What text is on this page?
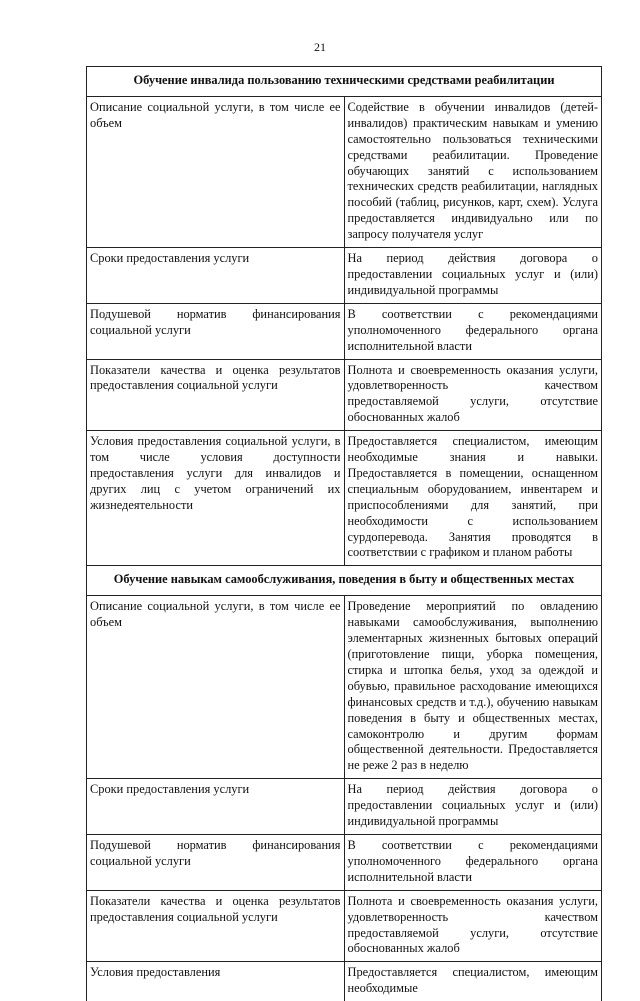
21
Обучение инвалида пользованию техническими средствами реабилитации	
Описание социальной услуги, в том числе ее объем	Содействие в обучении инвалидов (детей-инвалидов) практическим навыкам и умению самостоятельно пользоваться техническими средствами реабилитации. Проведение обучающих занятий с использованием технических средств реабилитации, наглядных пособий (таблиц, рисунков, карт, схем). Услуга предоставляется индивидуально или по запросу получателя услуг
Сроки предоставления услуги	На период действия договора о предоставлении социальных услуг и (или) индивидуальной программы
Подушевой норматив финансирования социальной услуги	В соответствии с рекомендациями уполномоченного федерального органа исполнительной власти
Показатели качества и оценка результатов предоставления социальной услуги	Полнота и своевременность оказания услуги, удовлетворенность качеством предоставляемой услуги, отсутствие обоснованных жалоб
Условия предоставления социальной услуги, в том числе условия доступности предоставления услуги для инвалидов и других лиц с учетом ограничений их жизнедеятельности	Предоставляется специалистом, имеющим необходимые знания и навыки. Предоставляется в помещении, оснащенном специальным оборудованием, инвентарем и приспособлениями для занятий, при необходимости с использованием сурдоперевода. Занятия проводятся в соответствии с графиком и планом работы
Обучение навыкам самообслуживания, поведения в быту и общественных местах	
Описание социальной услуги, в том числе ее объем	Проведение мероприятий по овладению навыками самообслуживания, выполнению элементарных жизненных бытовых операций (приготовление пищи, уборка помещения, стирка и штопка белья, уход за одеждой и обувью, правильное расходование имеющихся финансовых средств и т.д.), обучению навыкам поведения в быту и общественных местах, самоконтролю и другим формам общественной деятельности. Предоставляется не реже 2 раз в неделю
Сроки предоставления услуги	На период действия договора о предоставлении социальных услуг и (или) индивидуальной программы
Подушевой норматив финансирования социальной услуги	В соответствии с рекомендациями уполномоченного федерального органа исполнительной власти
Показатели качества и оценка результатов предоставления социальной услуги	Полнота и своевременность оказания услуги, удовлетворенность качеством предоставляемой услуги, отсутствие обоснованных жалоб
Условия предоставления	Предоставляется специалистом, имеющим необходимые
